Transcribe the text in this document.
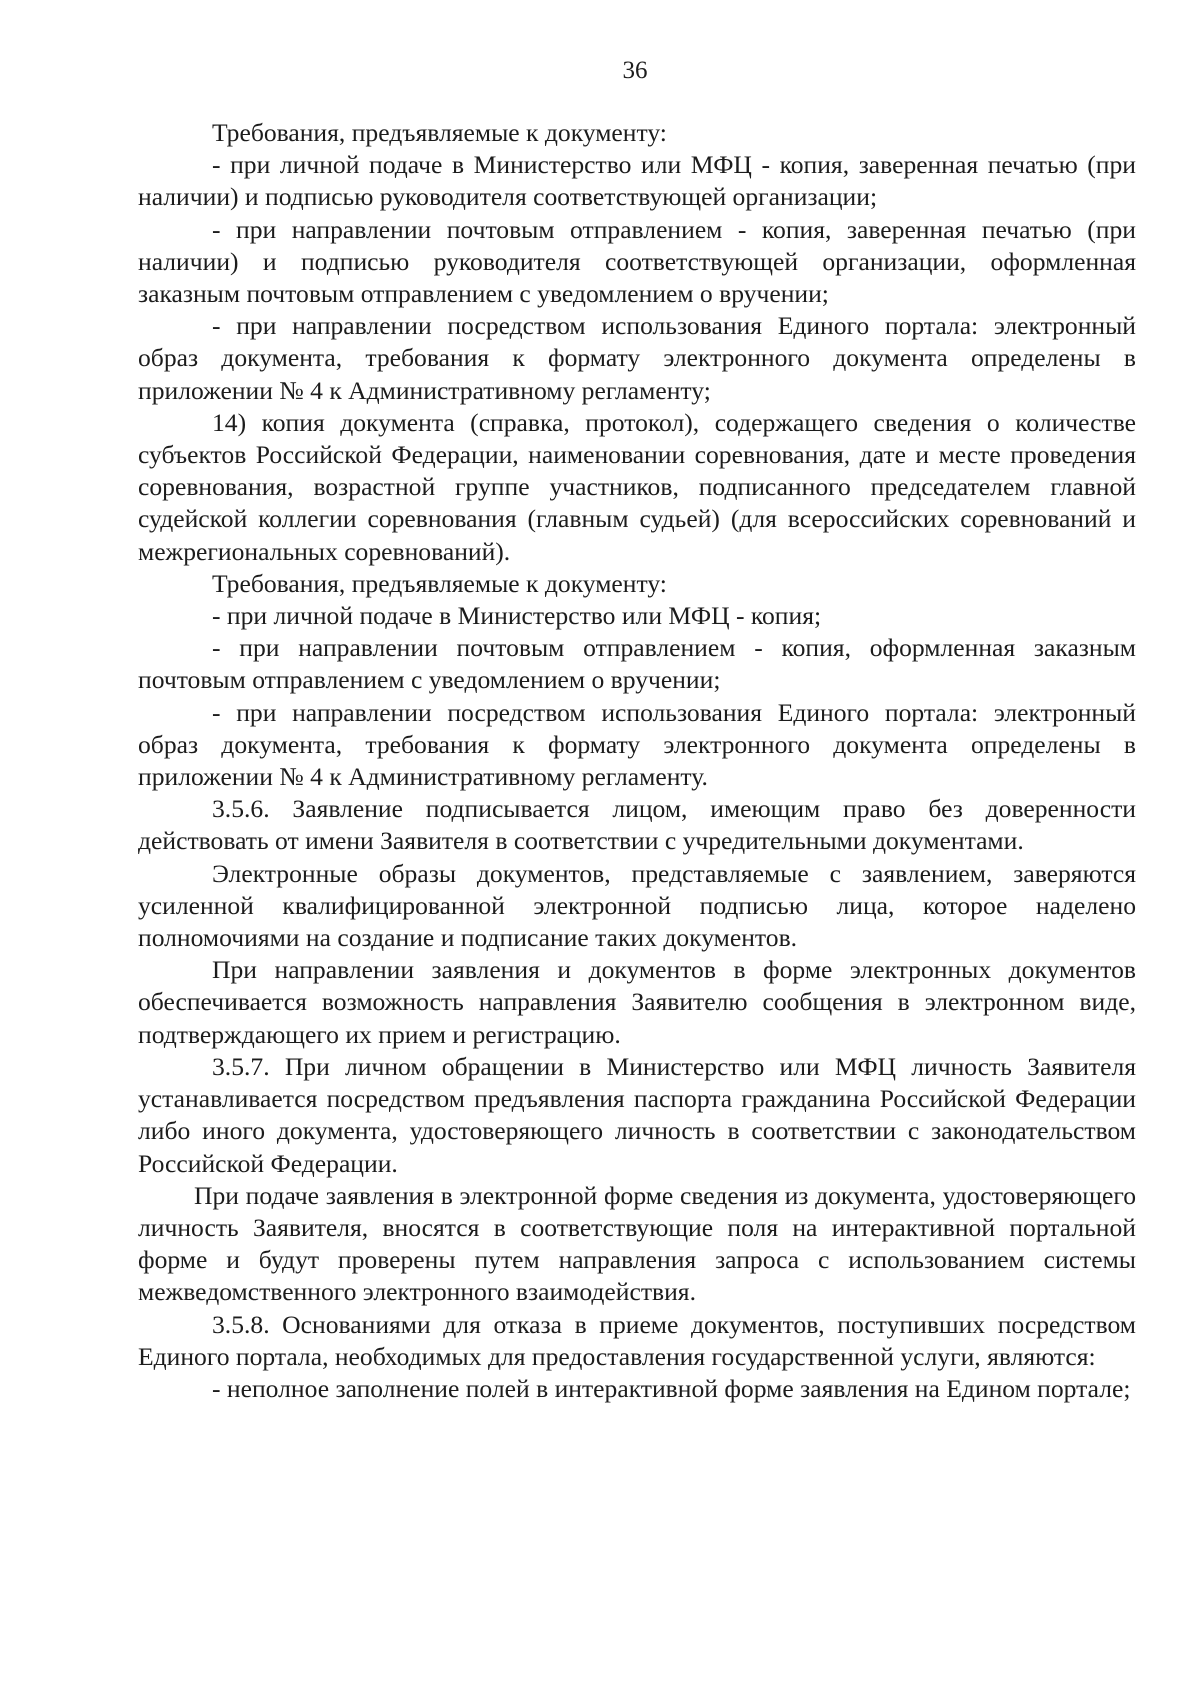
36

Требования, предъявляемые к документу:

- при личной подаче в Министерство или МФЦ - копия, заверенная печатью (при наличии) и подписью руководителя соответствующей организации;

- при направлении почтовым отправлением - копия, заверенная печатью (при наличии) и подписью руководителя соответствующей организации, оформленная заказным почтовым отправлением с уведомлением о вручении;

- при направлении посредством использования Единого портала: электронный образ документа, требования к формату электронного документа определены в приложении № 4 к Административному регламенту;

14) копия документа (справка, протокол), содержащего сведения о количестве субъектов Российской Федерации, наименовании соревнования, дате и месте проведения соревнования, возрастной группе участников, подписанного председателем главной судейской коллегии соревнования (главным судьей) (для всероссийских соревнований и межрегиональных соревнований).

Требования, предъявляемые к документу:

- при личной подаче в Министерство или МФЦ - копия;

- при направлении почтовым отправлением - копия, оформленная заказным почтовым отправлением с уведомлением о вручении;

- при направлении посредством использования Единого портала: электронный образ документа, требования к формату электронного документа определены в приложении № 4 к Административному регламенту.

3.5.6. Заявление подписывается лицом, имеющим право без доверенности действовать от имени Заявителя в соответствии с учредительными документами.

Электронные образы документов, представляемые с заявлением, заверяются усиленной квалифицированной электронной подписью лица, которое наделено полномочиями на создание и подписание таких документов.

При направлении заявления и документов в форме электронных документов обеспечивается возможность направления Заявителю сообщения в электронном виде, подтверждающего их прием и регистрацию.

3.5.7. При личном обращении в Министерство или МФЦ личность Заявителя устанавливается посредством предъявления паспорта гражданина Российской Федерации либо иного документа, удостоверяющего личность в соответствии с законодательством Российской Федерации.

При подаче заявления в электронной форме сведения из документа, удостоверяющего личность Заявителя, вносятся в соответствующие поля на интерактивной портальной форме и будут проверены путем направления запроса с использованием системы межведомственного электронного взаимодействия.

3.5.8. Основаниями для отказа в приеме документов, поступивших посредством Единого портала, необходимых для предоставления государственной услуги, являются:

- неполное заполнение полей в интерактивной форме заявления на Едином портале;
